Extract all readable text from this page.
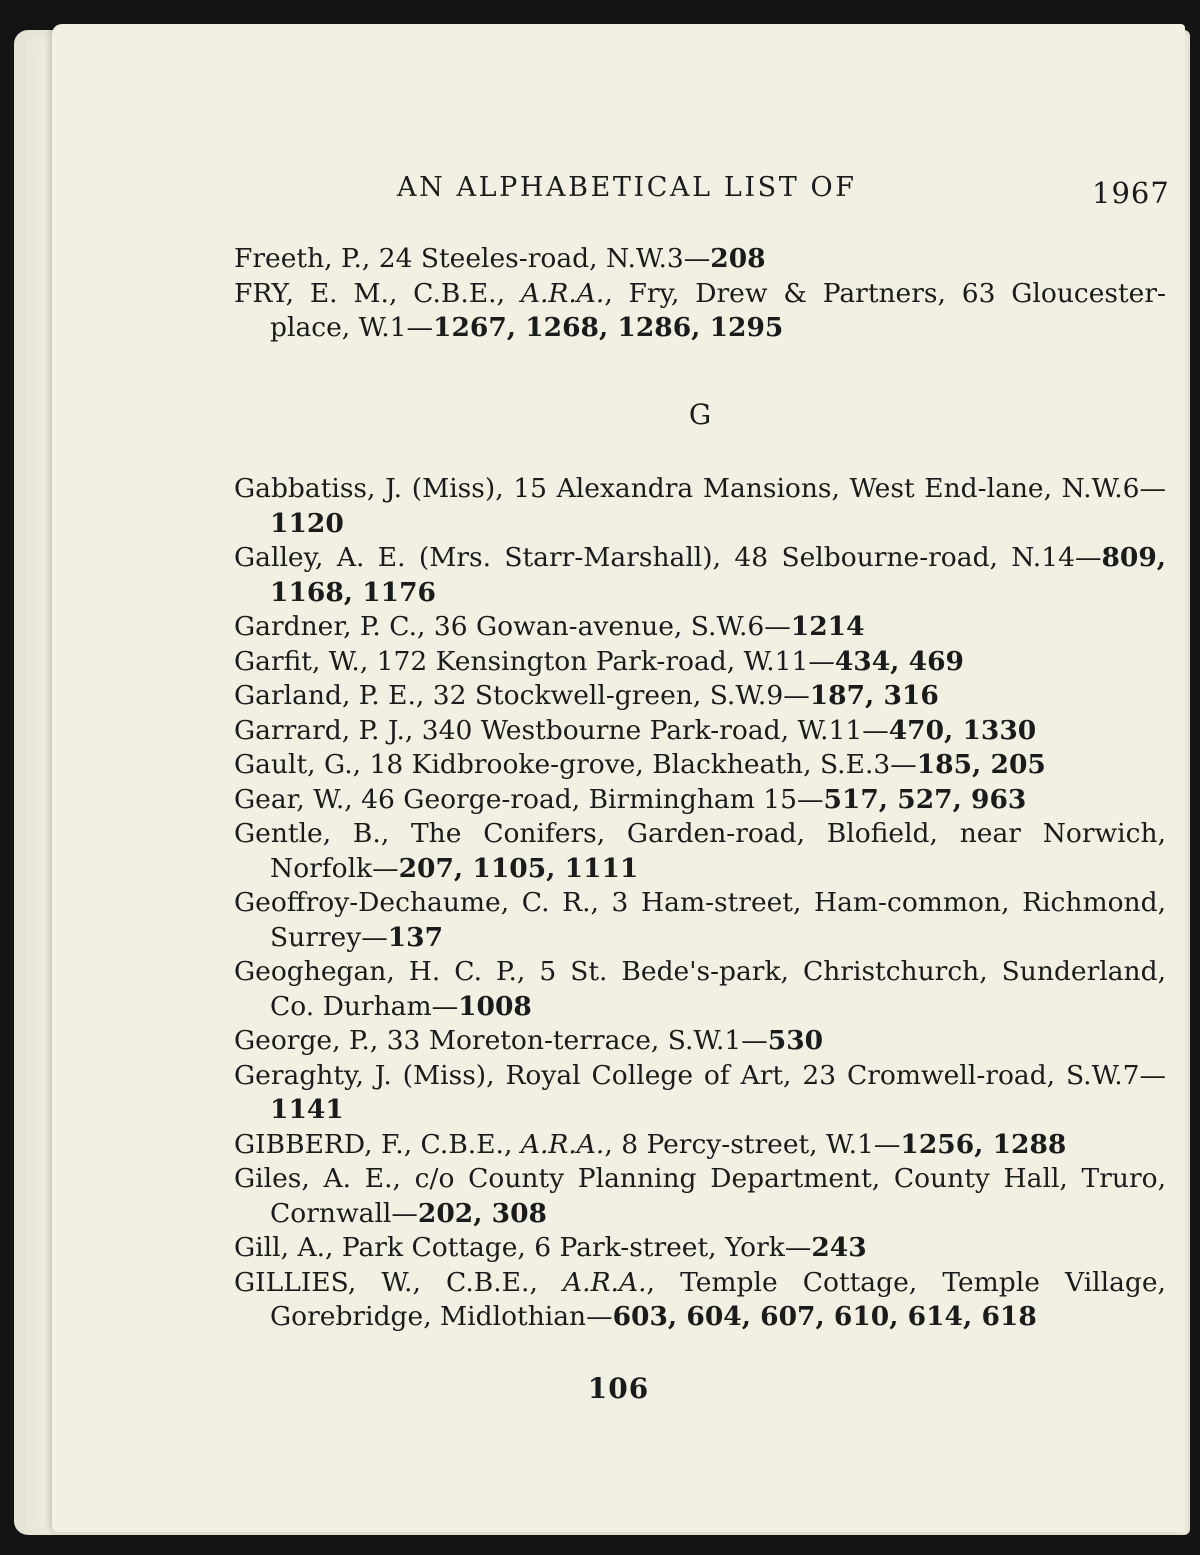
AN ALPHABETICAL LIST OF	1967
Freeth, P., 24 Steeles-road, N.W.3—208
FRY, E. M., C.B.E., A.R.A., Fry, Drew & Partners, 63 Gloucester-place, W.1—1267, 1268, 1286, 1295
G
Gabbatiss, J. (Miss), 15 Alexandra Mansions, West End-lane, N.W.6—1120
Galley, A. E. (Mrs. Starr-Marshall), 48 Selbourne-road, N.14—809, 1168, 1176
Gardner, P. C., 36 Gowan-avenue, S.W.6—1214
Garfit, W., 172 Kensington Park-road, W.11—434, 469
Garland, P. E., 32 Stockwell-green, S.W.9—187, 316
Garrard, P. J., 340 Westbourne Park-road, W.11—470, 1330
Gault, G., 18 Kidbrooke-grove, Blackheath, S.E.3—185, 205
Gear, W., 46 George-road, Birmingham 15—517, 527, 963
Gentle, B., The Conifers, Garden-road, Blofield, near Norwich, Norfolk—207, 1105, 1111
Geoffroy-Dechaume, C. R., 3 Ham-street, Ham-common, Richmond, Surrey—137
Geoghegan, H. C. P., 5 St. Bede's-park, Christchurch, Sunderland, Co. Durham—1008
George, P., 33 Moreton-terrace, S.W.1—530
Geraghty, J. (Miss), Royal College of Art, 23 Cromwell-road, S.W.7—1141
GIBBERD, F., C.B.E., A.R.A., 8 Percy-street, W.1—1256, 1288
Giles, A. E., c/o County Planning Department, County Hall, Truro, Cornwall—202, 308
Gill, A., Park Cottage, 6 Park-street, York—243
GILLIES, W., C.B.E., A.R.A., Temple Cottage, Temple Village, Gorebridge, Midlothian—603, 604, 607, 610, 614, 618
106
